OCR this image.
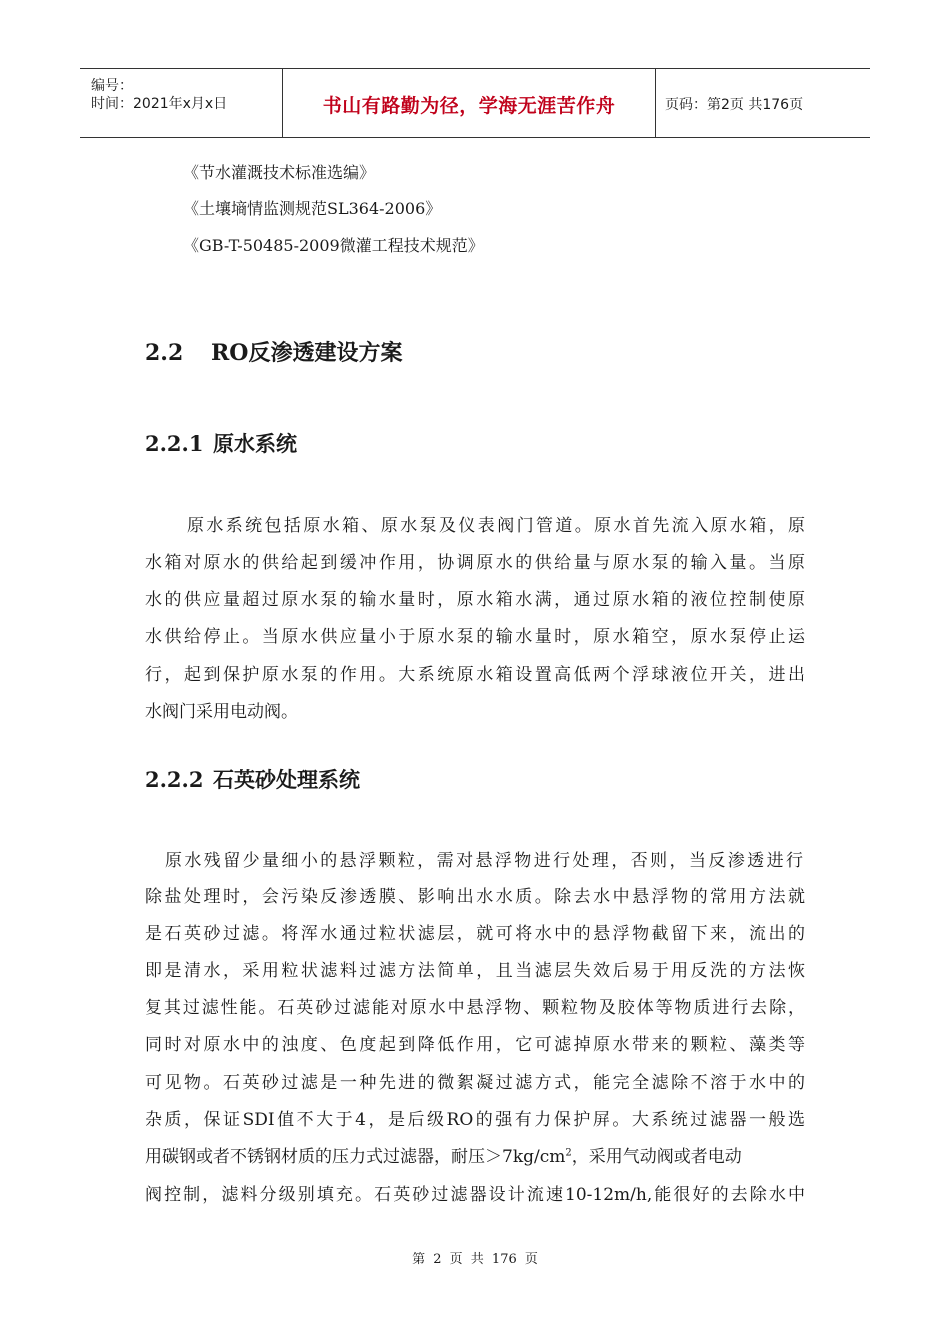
编号：
时间：2021年x月x日	书山有路勤为径，学海无涯苦作舟	页码：第2页 共176页
《节水灌溉技术标准选编》
《土壤墒情监测规范SL364-2006》
《GB-T-50485-2009微灌工程技术规范》
2.2 RO反渗透建设方案
2.2.1 原水系统
原水系统包括原水箱、原水泵及仪表阀门管道。原水首先流入原水箱，原
水箱对原水的供给起到缓冲作用，协调原水的供给量与原水泵的输入量。当原
水的供应量超过原水泵的输水量时，原水箱水满，通过原水箱的液位控制使原
水供给停止。当原水供应量小于原水泵的输水量时，原水箱空，原水泵停止运
行，起到保护原水泵的作用。大系统原水箱设置高低两个浮球液位开关，进出
水阀门采用电动阀。
2.2.2 石英砂处理系统
原水残留少量细小的悬浮颗粒，需对悬浮物进行处理，否则，当反渗透进行
除盐处理时，会污染反渗透膜、影响出水水质。除去水中悬浮物的常用方法就
是石英砂过滤。将浑水通过粒状滤层，就可将水中的悬浮物截留下来，流出的
即是清水，采用粒状滤料过滤方法简单，且当滤层失效后易于用反洗的方法恢
复其过滤性能。石英砂过滤能对原水中悬浮物、颗粒物及胶体等物质进行去除，
同时对原水中的浊度、色度起到降低作用，它可滤掉原水带来的颗粒、藻类等
可见物。石英砂过滤是一种先进的微絮凝过滤方式，能完全滤除不溶于水中的
杂质，保证SDI值不大于4，是后级RO的强有力保护屏。大系统过滤器一般选
用碳钢或者不锈钢材质的压力式过滤器，耐压$>7kg/cm^2$，采用气动阀或者电动
阀控制，滤料分级别填充。石英砂过滤器设计流速10-12m/h,能很好的去除水中
第 2 页 共 176 页
